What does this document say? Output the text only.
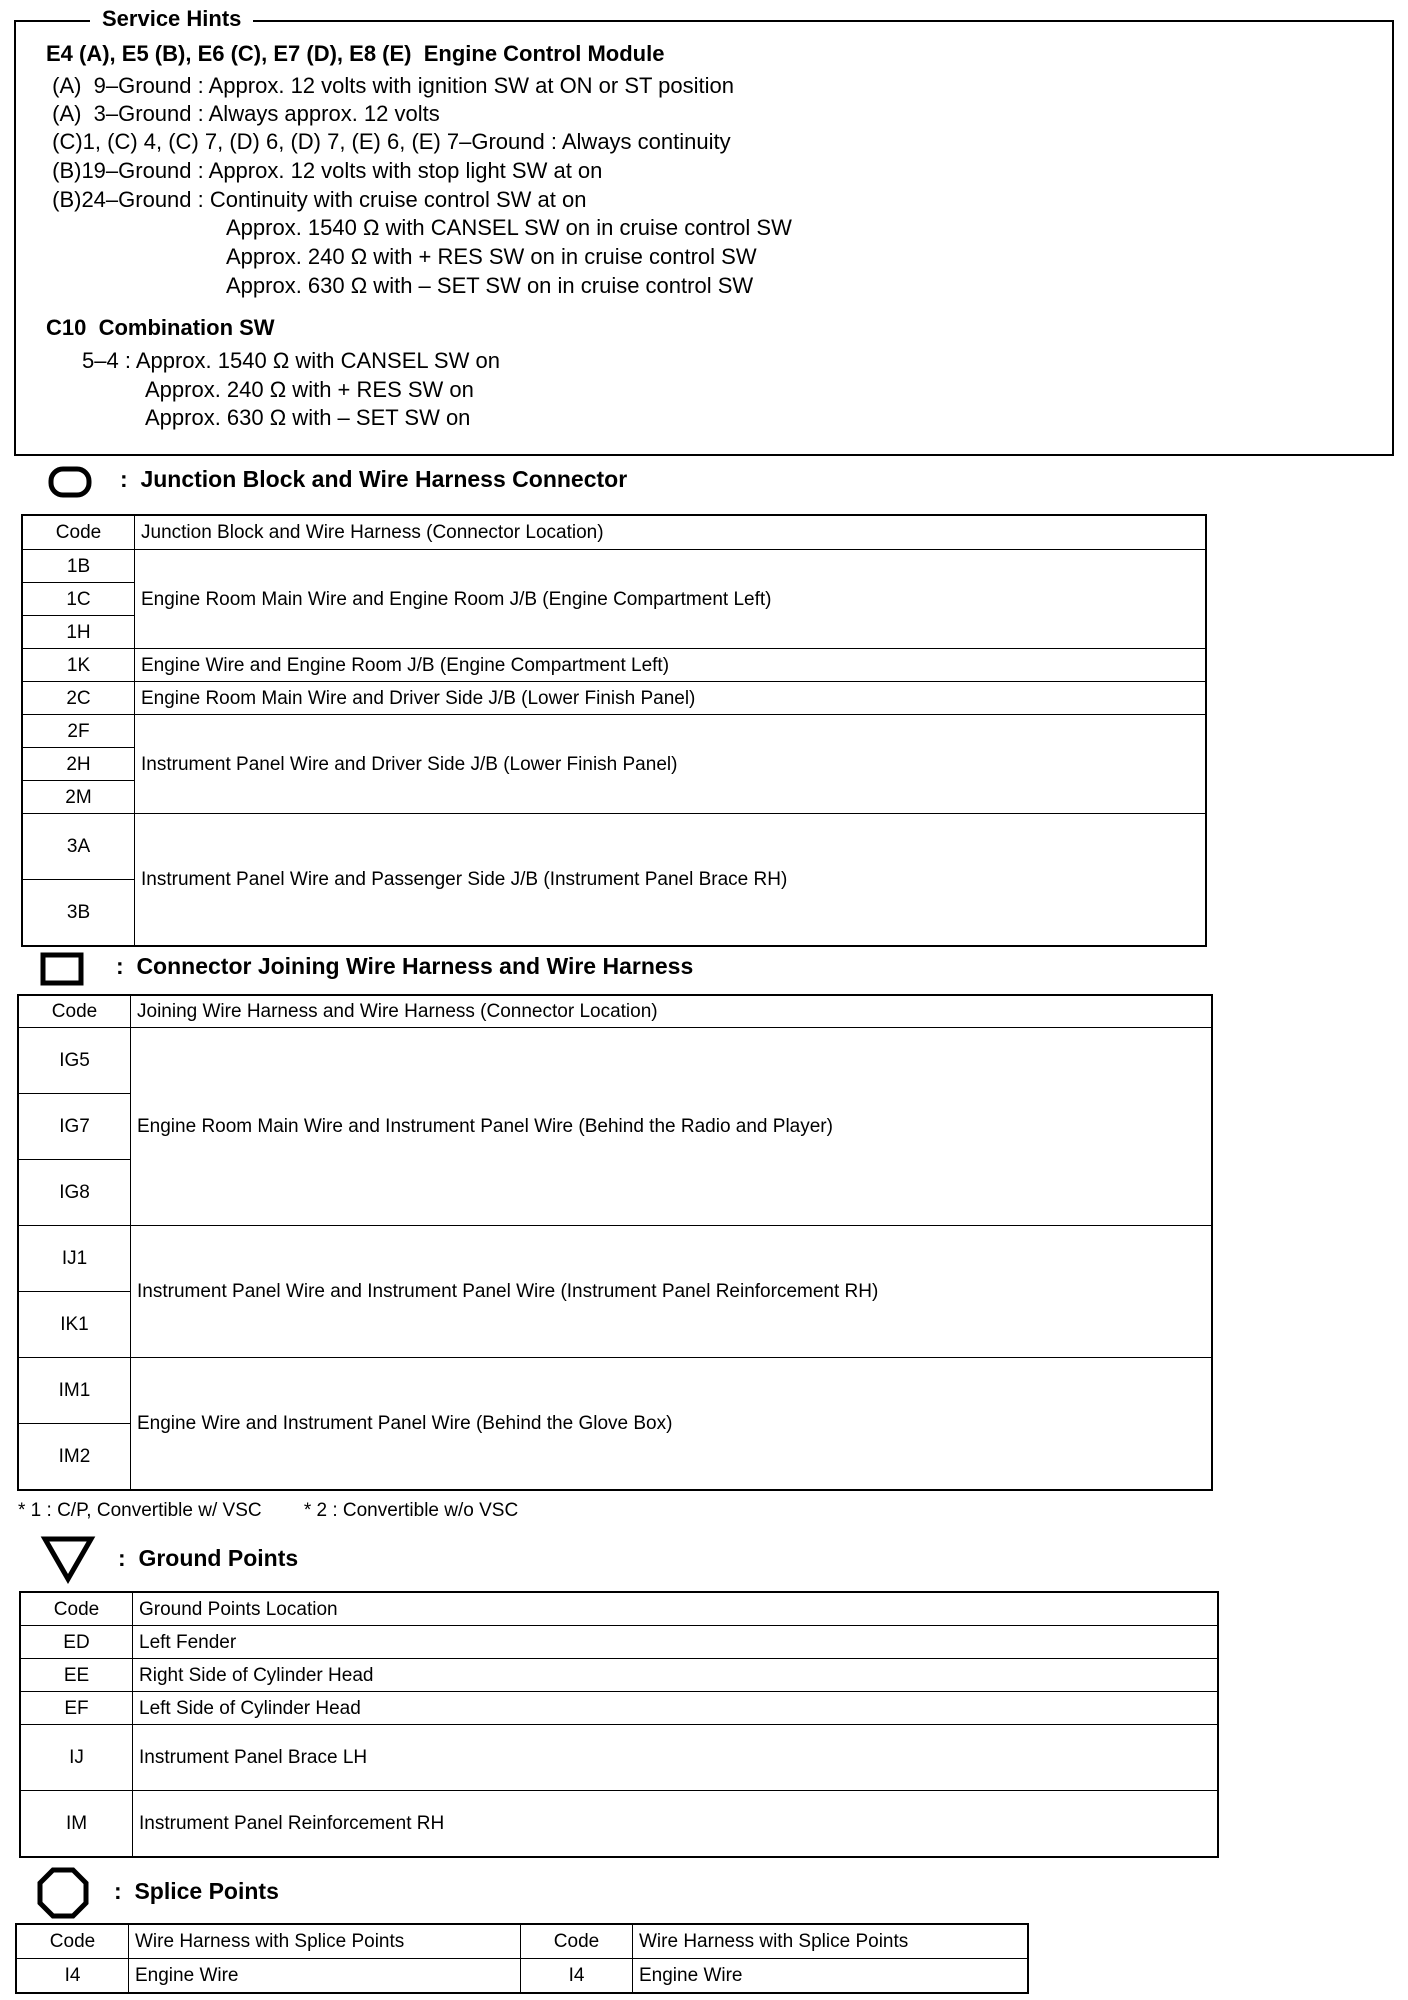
Service Hints
E4 (A), E5 (B), E6 (C), E7 (D), E8 (E)  Engine Control Module
(A)  9–Ground : Approx. 12 volts with ignition SW at ON or ST position
(A)  3–Ground : Always approx. 12 volts
(C)1, (C) 4, (C) 7, (D) 6, (D) 7, (E) 6, (E) 7–Ground : Always continuity
(B)19–Ground : Approx. 12 volts with stop light SW at on
(B)24–Ground : Continuity with cruise control SW at on
Approx. 1540 Ω with CANSEL SW on in cruise control SW
Approx. 240 Ω with + RES SW on in cruise control SW
Approx. 630 Ω with – SET SW on in cruise control SW
C10  Combination SW
5–4 : Approx. 1540 Ω with CANSEL SW on
Approx. 240 Ω with + RES SW on
Approx. 630 Ω with – SET SW on
:  Junction Block and Wire Harness Connector
Code	Junction Block and Wire Harness (Connector Location)
1B	Engine Room Main Wire and Engine Room J/B (Engine Compartment Left)
1C	
1H	
1K	Engine Wire and Engine Room J/B (Engine Compartment Left)
2C	Engine Room Main Wire and Driver Side J/B (Lower Finish Panel)
2F	Instrument Panel Wire and Driver Side J/B (Lower Finish Panel)
2H	
2M	
3A	Instrument Panel Wire and Passenger Side J/B (Instrument Panel Brace RH)
3B	
:  Connector Joining Wire Harness and Wire Harness
Code	Joining Wire Harness and Wire Harness (Connector Location)
IG5	Engine Room Main Wire and Instrument Panel Wire (Behind the Radio and Player)
IG7	
IG8	
IJ1	Instrument Panel Wire and Instrument Panel Wire (Instrument Panel Reinforcement RH)
IK1	
IM1	Engine Wire and Instrument Panel Wire (Behind the Glove Box)
IM2	
* 1 : C/P, Convertible w/ VSC        * 2 : Convertible w/o VSC
:  Ground Points
Code	Ground Points Location
ED	Left Fender
EE	Right Side of Cylinder Head
EF	Left Side of Cylinder Head
IJ	Instrument Panel Brace LH
IM	Instrument Panel Reinforcement RH
:  Splice Points
Code	Wire Harness with Splice Points	Code	Wire Harness with Splice Points
I4	Engine Wire	I4	Engine Wire
